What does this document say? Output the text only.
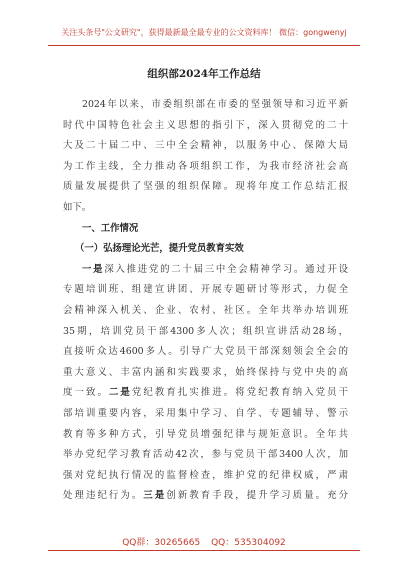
关注头条号"公文研究"，获得最新最全最专业的公文资料库！ 微信：gongwenyj
组织部2024年工作总结
2024年以来，市委组织部在市委的坚强领导和习近平新
时代中国特色社会主义思想的指引下，深入贯彻党的二十
大及二十届二中、三中全会精神，以服务中心、保障大局
为工作主线，全力推动各项组织工作，为我市经济社会高
质量发展提供了坚强的组织保障。现将年度工作总结汇报
如下。
一、工作情况
（一）弘扬理论光芒，提升党员教育实效
一是深入推进党的二十届三中全会精神学习。通过开设
专题培训班、组建宣讲团、开展专题研讨等形式，力促全
会精神深入机关、企业、农村、社区。全年共举办培训班
35期，培训党员干部4300多人次；组织宣讲活动28场，
直接听众达4600多人。引导广大党员干部深刻领会全会的
重大意义、丰富内涵和实践要求，始终保持与党中央的高
度一致。二是党纪教育扎实推进。将党纪教育纳入党员干
部培训重要内容，采用集中学习、自学、专题辅导、警示
教育等多种方式，引导党员增强纪律与规矩意识。全年共
举办党纪学习教育活动42次，参与党员干部3400人次，加
强对党纪执行情况的监督检查，维护党的纪律权威，严肃
处理违纪行为。三是创新教育手段，提升学习质量。充分
QQ群：30265665 QQ：535304092
